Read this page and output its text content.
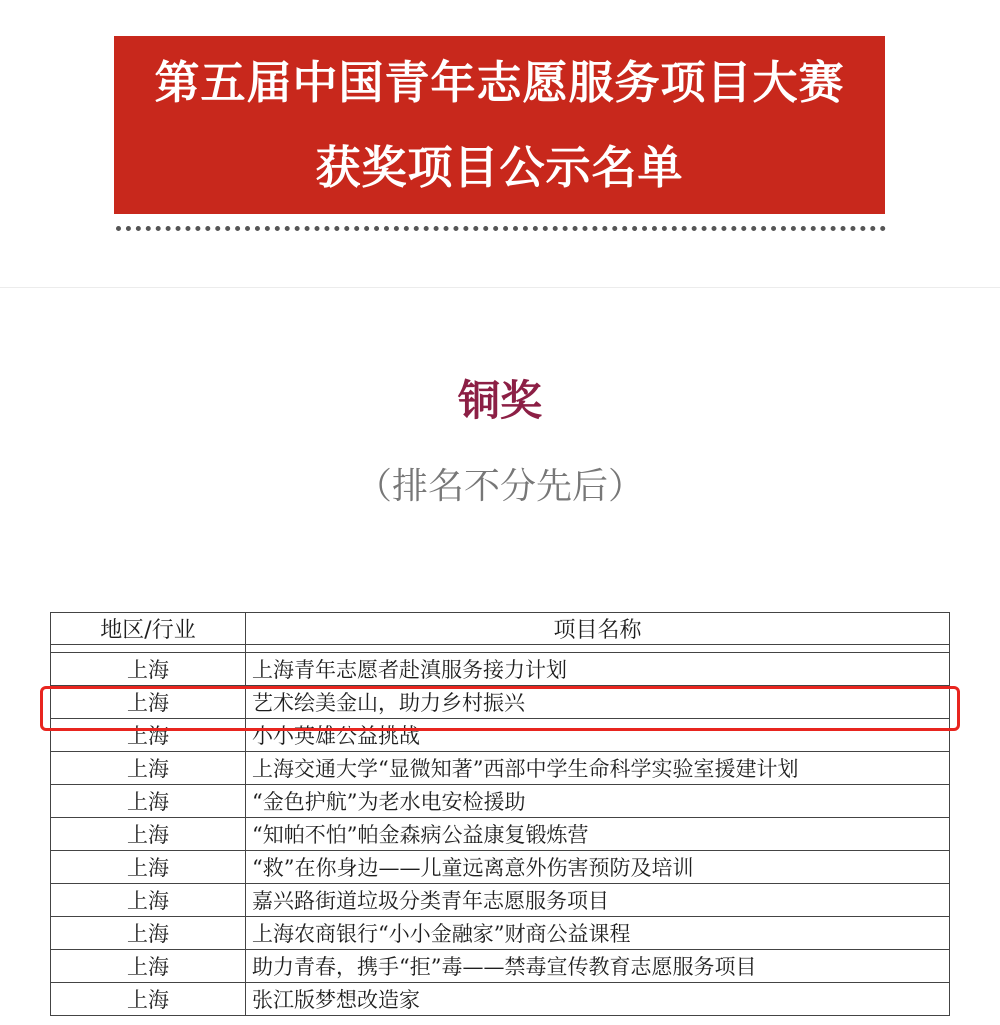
第五届中国青年志愿服务项目大赛
获奖项目公示名单
铜奖
（排名不分先后）
地区/行业	项目名称

上海	上海青年志愿者赴滇服务接力计划
上海	艺术绘美金山，助力乡村振兴
上海	小小英雄公益挑战
上海	上海交通大学“显微知著”西部中学生命科学实验室援建计划
上海	“金色护航”为老水电安检援助
上海	“知帕不怕”帕金森病公益康复锻炼营
上海	“救”在你身边——儿童远离意外伤害预防及培训
上海	嘉兴路街道垃圾分类青年志愿服务项目
上海	上海农商银行“小小金融家”财商公益课程
上海	助力青春，携手“拒”毒——禁毒宣传教育志愿服务项目
上海	张江版梦想改造家
